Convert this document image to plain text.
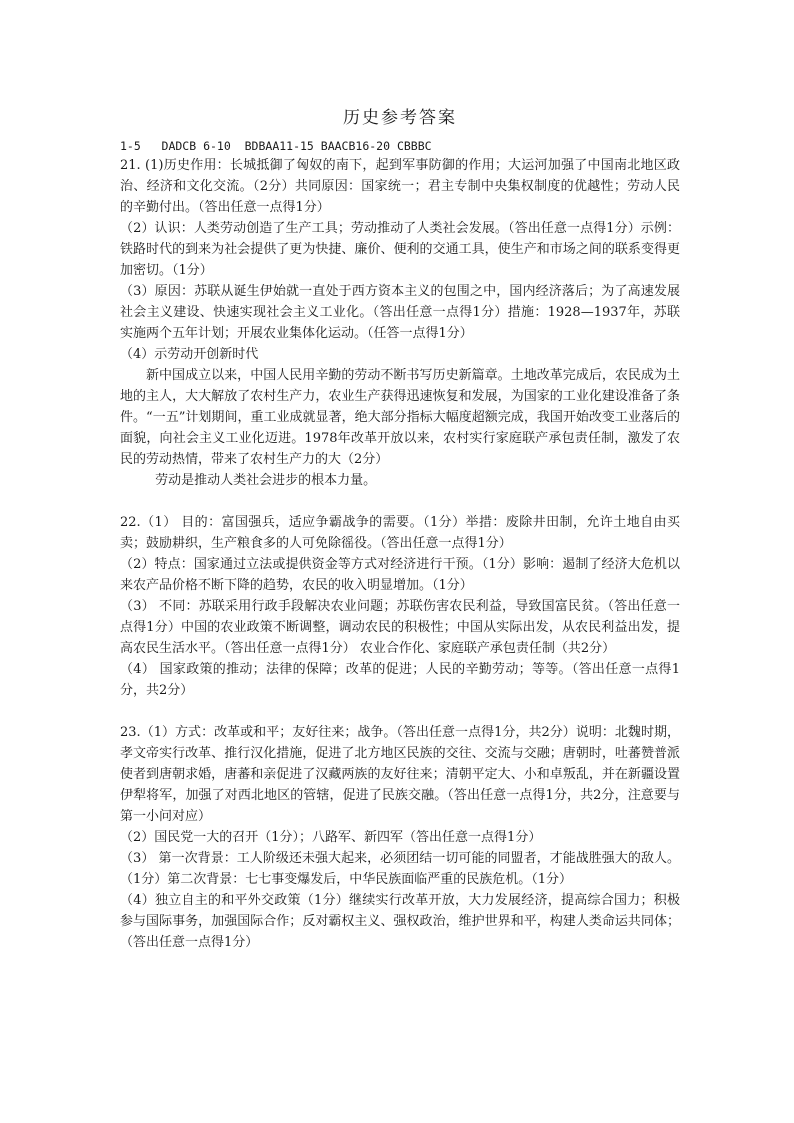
历史参考答案
1-5   DADCB 6-10  BDBAA11-15 BAACB16-20 CBBBC

21. (1)历史作用：长城抵御了匈奴的南下，起到军事防御的作用；大运河加强了中国南北地区政治、经济和文化交流。（2分）共同原因：国家统一；君主专制中央集权制度的优越性；劳动人民的辛勤付出。（答出任意一点得1分）

（2）认识：人类劳动创造了生产工具；劳动推动了人类社会发展。（答出任意一点得1分）示例：铁路时代的到来为社会提供了更为快捷、廉价、便利的交通工具，使生产和市场之间的联系变得更加密切。（1分）

（3）原因：苏联从诞生伊始就一直处于西方资本主义的包围之中，国内经济落后；为了高速发展社会主义建设、快速实现社会主义工业化。（答出任意一点得1分）措施：1928—1937年，苏联实施两个五年计划；开展农业集体化运动。（任答一点得1分）

（4）示劳动开创新时代

新中国成立以来，中国人民用辛勤的劳动不断书写历史新篇章。土地改革完成后，农民成为土地的主人，大大解放了农村生产力，农业生产获得迅速恢复和发展，为国家的工业化建设准备了条件。“一五”计划期间，重工业成就显著，绝大部分指标大幅度超额完成，我国开始改变工业落后的面貌，向社会主义工业化迈进。1978年改革开放以来，农村实行家庭联产承包责任制，激发了农民的劳动热情，带来了农村生产力的大（2分）

劳动是推动人类社会进步的根本力量。

22.（1） 目的：富国强兵，适应争霸战争的需要。（1分）举措：废除井田制，允许土地自由买卖；鼓励耕织，生产粮食多的人可免除徭役。（答出任意一点得1分）

（2）特点：国家通过立法或提供资金等方式对经济进行干预。（1分）影响：遏制了经济大危机以来农产品价格不断下降的趋势，农民的收入明显增加。（1分）

（3） 不同：苏联采用行政手段解决农业问题；苏联伤害农民利益，导致国富民贫。（答出任意一点得1分）中国的农业政策不断调整，调动农民的积极性；中国从实际出发，从农民利益出发，提高农民生活水平。（答出任意一点得1分） 农业合作化、家庭联产承包责任制（共2分）

（4） 国家政策的推动；法律的保障；改革的促进；人民的辛勤劳动；等等。（答出任意一点得1分，共2分）

23.（1）方式：改革或和平；友好往来；战争。（答出任意一点得1分，共2分）说明：北魏时期，孝文帝实行改革、推行汉化措施，促进了北方地区民族的交往、交流与交融；唐朝时，吐蕃赞普派使者到唐朝求婚，唐蕃和亲促进了汉藏两族的友好往来；清朝平定大、小和卓叛乱，并在新疆设置伊犁将军，加强了对西北地区的管辖，促进了民族交融。（答出任意一点得1分，共2分，注意要与第一小问对应）

（2）国民党一大的召开（1分）；八路军、新四军（答出任意一点得1分）

（3） 第一次背景：工人阶级还未强大起来，必须团结一切可能的同盟者，才能战胜强大的敌人。（1分）第二次背景：七七事变爆发后，中华民族面临严重的民族危机。（1分）

（4）独立自主的和平外交政策（1分）继续实行改革开放，大力发展经济，提高综合国力；积极参与国际事务，加强国际合作；反对霸权主义、强权政治，维护世界和平，构建人类命运共同体；（答出任意一点得1分）
